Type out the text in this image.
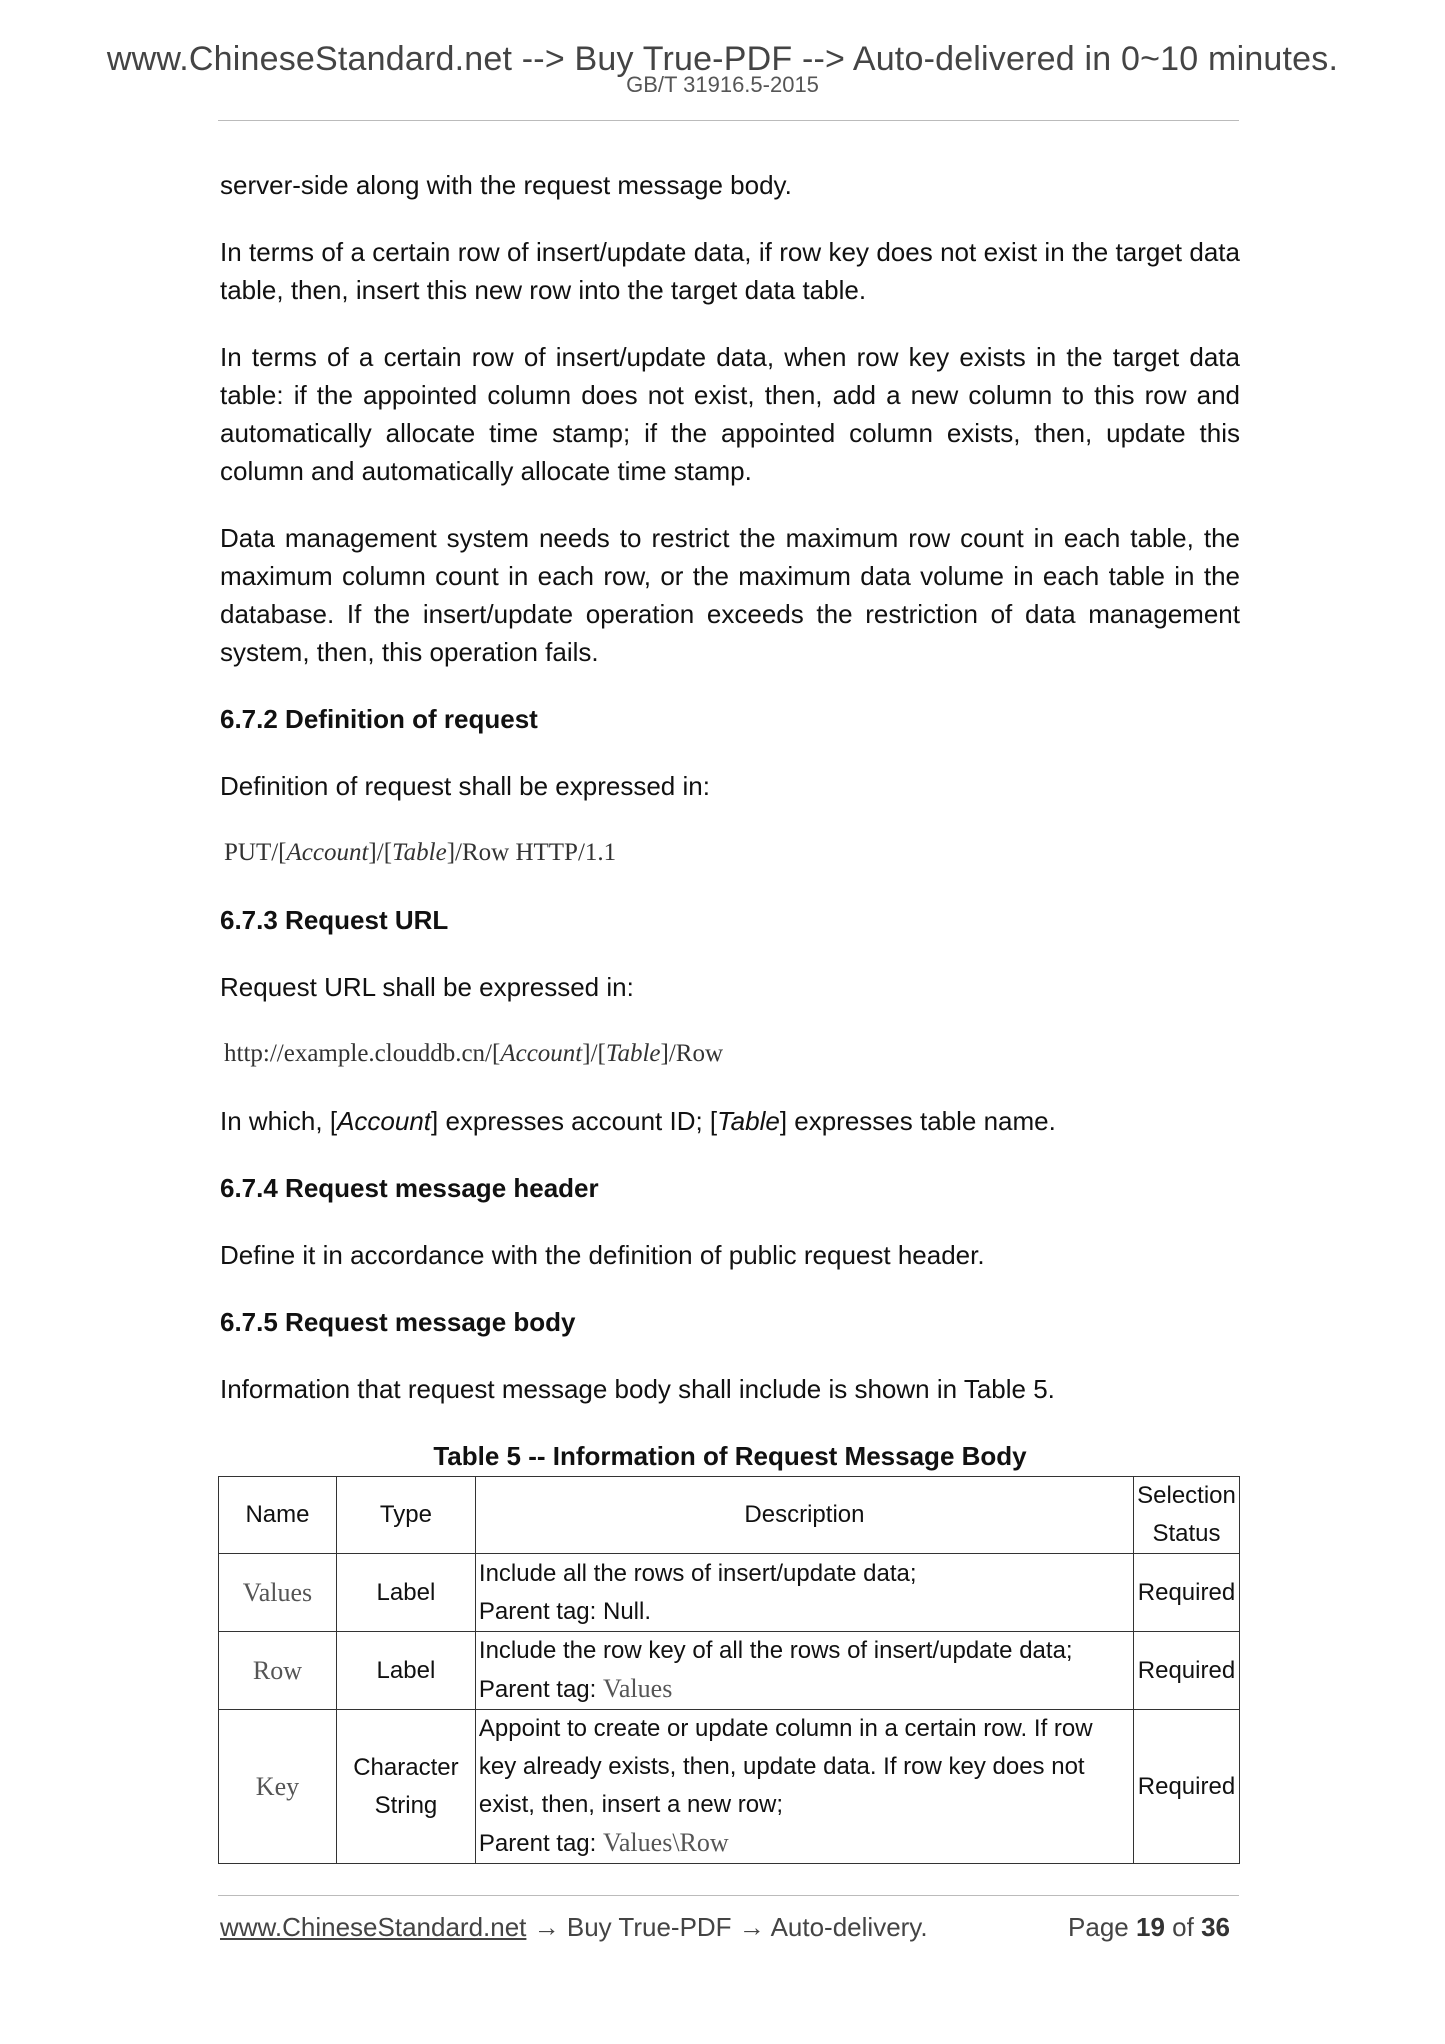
www.ChineseStandard.net --> Buy True-PDF --> Auto-delivered in 0~10 minutes.
GB/T 31916.5-2015

server-side along with the request message body.

In terms of a certain row of insert/update data, if row key does not exist in the target data table, then, insert this new row into the target data table.

In terms of a certain row of insert/update data, when row key exists in the target data table: if the appointed column does not exist, then, add a new column to this row and automatically allocate time stamp; if the appointed column exists, then, update this column and automatically allocate time stamp.

Data management system needs to restrict the maximum row count in each table, the maximum column count in each row, or the maximum data volume in each table in the database. If the insert/update operation exceeds the restriction of data management system, then, this operation fails.

6.7.2 Definition of request

Definition of request shall be expressed in:

PUT/[Account]/[Table]/Row HTTP/1.1
6.7.3 Request URL

Request URL shall be expressed in:

http://example.clouddb.cn/[Account]/[Table]/Row

In which, [Account] expresses account ID; [Table] expresses table name.

6.7.4 Request message header

Define it in accordance with the definition of public request header.

6.7.5 Request message body

Information that request message body shall include is shown in Table 5.

Table 5 -- Information of Request Message Body
Name	Type	Description	Selection Status
Values	Label	Include all the rows of insert/update data;
Parent tag: Null.	Required
Row	Label	Include the row key of all the rows of insert/update data;
Parent tag: Values	Required
Key	Character String	Appoint to create or update column in a certain row. If row key already exists, then, update data. If row key does not exist, then, insert a new row;
Parent tag: Values\Row	Required
www.ChineseStandard.net → Buy True-PDF → Auto-delivery.	Page 19 of 36
